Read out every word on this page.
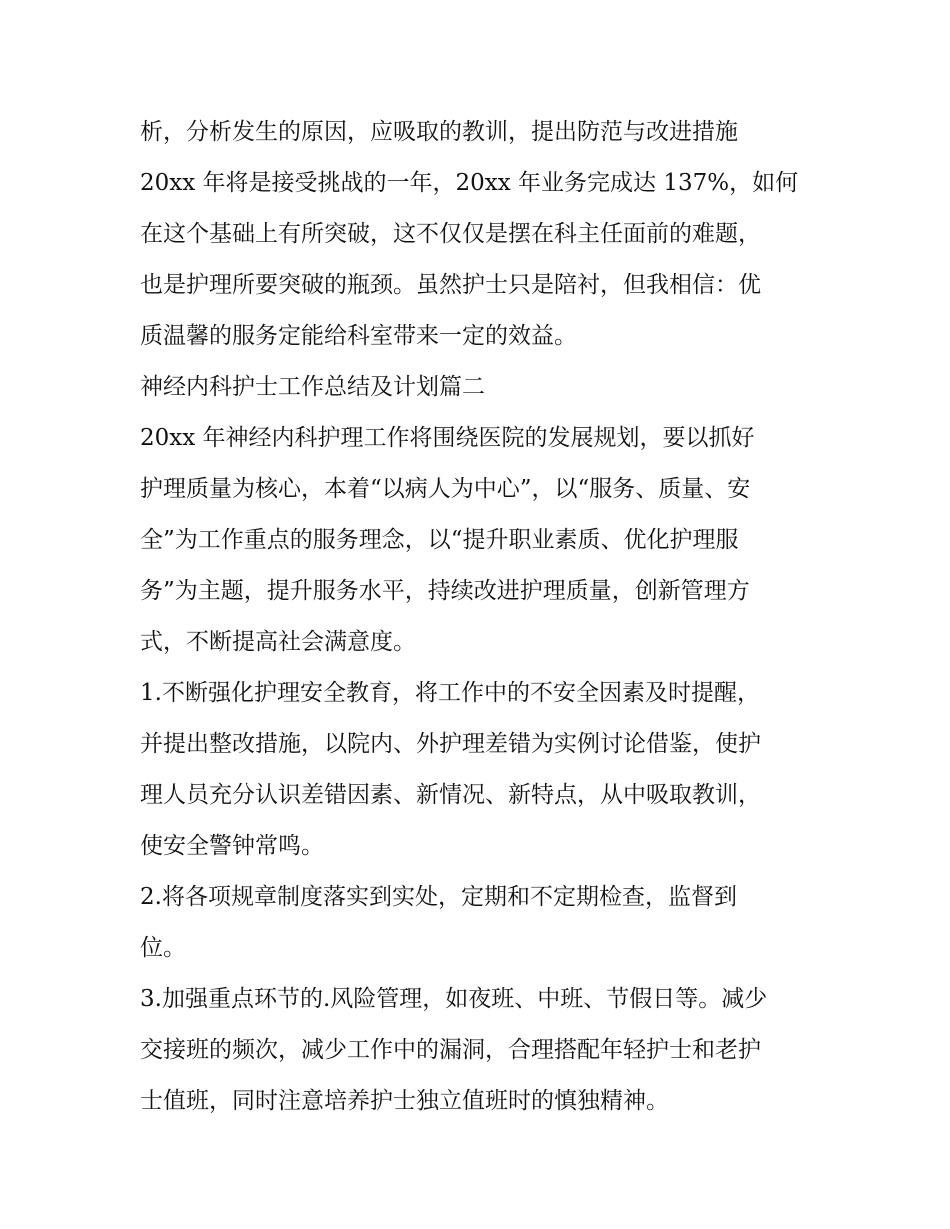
析，分析发生的原因，应吸取的教训，提出防范与改进措施

20xx 年将是接受挑战的一年，20xx 年业务完成达 137%，如何
在这个基础上有所突破，这不仅仅是摆在科主任面前的难题，
也是护理所要突破的瓶颈。虽然护士只是陪衬，但我相信：优
质温馨的服务定能给科室带来一定的效益。

神经内科护士工作总结及计划篇二

20xx 年神经内科护理工作将围绕医院的发展规划，要以抓好
护理质量为核心，本着“以病人为中心”，以“服务、质量、安
全”为工作重点的服务理念，以“提升职业素质、优化护理服
务”为主题，提升服务水平，持续改进护理质量，创新管理方
式，不断提高社会满意度。

1.不断强化护理安全教育，将工作中的不安全因素及时提醒，
并提出整改措施，以院内、外护理差错为实例讨论借鉴，使护
理人员充分认识差错因素、新情况、新特点，从中吸取教训，
使安全警钟常鸣。

2.将各项规章制度落实到实处，定期和不定期检查，监督到
位。

3.加强重点环节的.风险管理，如夜班、中班、节假日等。减少
交接班的频次，减少工作中的漏洞，合理搭配年轻护士和老护
士值班，同时注意培养护士独立值班时的慎独精神。
